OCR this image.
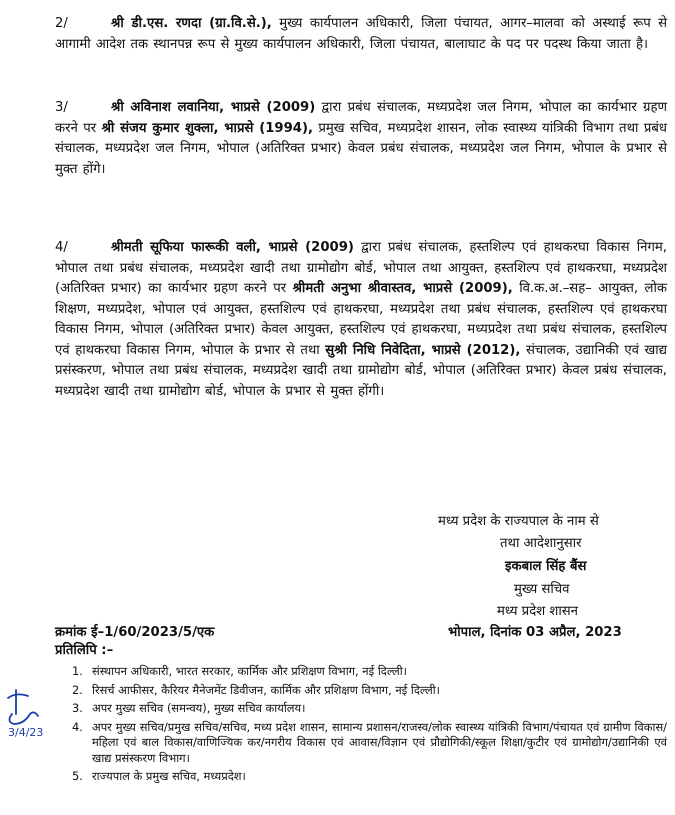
2/	श्री डी.एस. रणदा (ग्रा.वि.से.), मुख्य कार्यपालन अधिकारी, जिला पंचायत, आगर–मालवा को अस्थाई रूप से आगामी आदेश तक स्थानपन्न रूप से मुख्य कार्यपालन अधिकारी, जिला पंचायत, बालाघाट के पद पर पदस्थ किया जाता है।
3/	श्री अविनाश लवानिया, भाप्रसे (2009) द्वारा प्रबंध संचालक, मध्यप्रदेश जल निगम, भोपाल का कार्यभार ग्रहण करने पर श्री संजय कुमार शुक्ला, भाप्रसे (1994), प्रमुख सचिव, मध्यप्रदेश शासन, लोक स्वास्थ्य यांत्रिकी विभाग तथा प्रबंध संचालक, मध्यप्रदेश जल निगम, भोपाल (अतिरिक्त प्रभार) केवल प्रबंध संचालक, मध्यप्रदेश जल निगम, भोपाल के प्रभार से मुक्त होंगे।
4/	श्रीमती सूफिया फारूकी वली, भाप्रसे (2009) द्वारा प्रबंध संचालक, हस्तशिल्प एवं हाथकरघा विकास निगम, भोपाल तथा प्रबंध संचालक, मध्यप्रदेश खादी तथा ग्रामोद्योग बोर्ड, भोपाल तथा आयुक्त, हस्तशिल्प एवं हाथकरघा, मध्यप्रदेश (अतिरिक्त प्रभार) का कार्यभार ग्रहण करने पर श्रीमती अनुभा श्रीवास्तव, भाप्रसे (2009), वि.क.अ.–सह– आयुक्त, लोक शिक्षण, मध्यप्रदेश, भोपाल एवं आयुक्त, हस्तशिल्प एवं हाथकरघा, मध्यप्रदेश तथा प्रबंध संचालक, हस्तशिल्प एवं हाथकरघा विकास निगम, भोपाल (अतिरिक्त प्रभार) केवल आयुक्त, हस्तशिल्प एवं हाथकरघा, मध्यप्रदेश तथा प्रबंध संचालक, हस्तशिल्प एवं हाथकरघा विकास निगम, भोपाल के प्रभार से तथा सुश्री निधि निवेदिता, भाप्रसे (2012), संचालक, उद्यानिकी एवं खाद्य प्रसंस्करण, भोपाल तथा प्रबंध संचालक, मध्यप्रदेश खादी तथा ग्रामोद्योग बोर्ड, भोपाल (अतिरिक्त प्रभार) केवल प्रबंध संचालक, मध्यप्रदेश खादी तथा ग्रामोद्योग बोर्ड, भोपाल के प्रभार से मुक्त होंगी।
मध्य प्रदेश के राज्यपाल के नाम से
तथा आदेशानुसार
इकबाल सिंह बैंस
मुख्य सचिव
मध्य प्रदेश शासन
क्रमांक ई–1/60/2023/5/एक	भोपाल, दिनांक 03 अप्रैल, 2023
प्रतिलिपि :–
3/4/23
1. संस्थापन अधिकारी, भारत सरकार, कार्मिक और प्रशिक्षण विभाग, नई दिल्ली।
2. रिसर्च आफीसर, कैरियर मैनेजमेंट डिवीजन, कार्मिक और प्रशिक्षण विभाग, नई दिल्ली।
3. अपर मुख्य सचिव (समन्वय), मुख्य सचिव कार्यालय।
4. अपर मुख्य सचिव/प्रमुख सचिव/सचिव, मध्य प्रदेश शासन, सामान्य प्रशासन/राजस्व/लोक स्वास्थ्य यांत्रिकी विभाग/पंचायत एवं ग्रामीण विकास/महिला एवं बाल विकास/वाणिज्यिक कर/नगरीय विकास एवं आवास/विज्ञान एवं प्रौद्योगिकी/स्कूल शिक्षा/कुटीर एवं ग्रामोद्योग/उद्यानिकी एवं खाद्य प्रसंस्करण विभाग।
5. राज्यपाल के प्रमुख सचिव, मध्यप्रदेश।
